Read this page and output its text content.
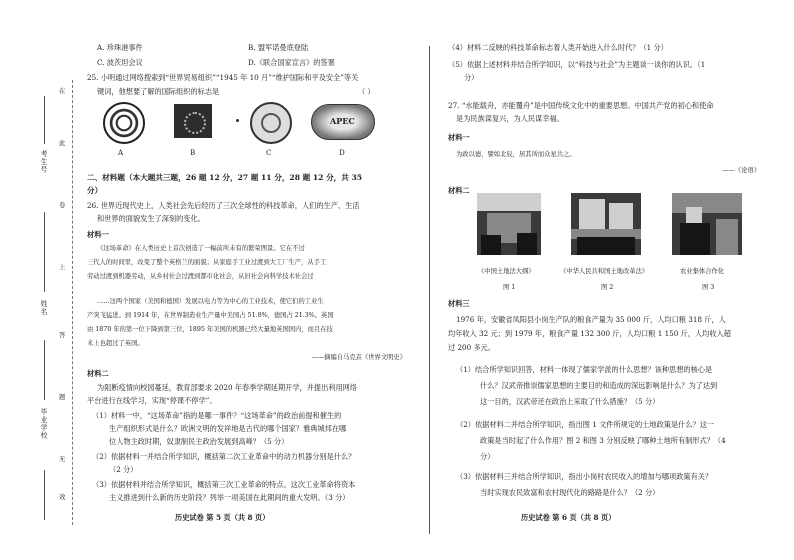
考生号
姓名
毕业学校
在
此
卷
上
答
题
无
效
A. 珍珠港事件	B. 盟军诺曼底登陆
C. 波茨坦会议	D.《联合国家宣言》的签署
25. 小明通过网络搜索到“世界贸易组织”“1945 年 10 月”“维护国际和平及安全”等关
键词，他想要了解的国际组织的标志是	（ ）
APEC
A	B	C	D
二、材料题（本大题共三题，26 题 12 分，27 题 11 分，28 题 12 分，共 35
分）
26. 世界近现代史上，人类社会先后经历了三次全球性的科技革命，人们的生产、生活
和世界的面貌发生了深刻的变化。
材料一
《这场革命》在人类历史上首次创造了一幅前所未有的繁荣图景。它在不过
三代人的时间里，改变了整个英格兰的面貌；从家庭手工业过渡到大工厂生产，从手工
劳动过渡到机器劳动，从乡村社会过渡到都市化社会，从旧社会向科学技术社会过
……这两个国家（美国和德国）发展以电力等为中心的工业技术，使它们的工业生
产突飞猛进。到 1914 年，在世界制造业生产量中美国占 51.8%，德国占 21.3%。英国
由 1870 年的第一位下降到第三位，1895 年美国的机器已经大量地英国国内，而且在技
术上也超过了英国。
——摘编自马克垚《世界文明史》
材料二
为阻断疫情向校园蔓延，教育部要求 2020 年春季学期延期开学，并提出利用网络
平台进行在线学习，实现“停课不停学”。
（1）材料一中，“这场革命”指的是哪一事件？“这场革命”的政治前提和催生的
生产组织形式是什么？欧洲文明的发祥地是古代的哪个国家？雅典城邦在哪
位人物主政时期，奴隶制民主政治发展到高峰？（5 分）
（2）依据材料一并结合所学知识，概括第二次工业革命中的动力机器分别是什么？
（2 分）
（3）依据材料并结合所学知识，概括第三次工业革命的特点。这次工业革命将资本
主义推进到什么新的历史阶段？列举一项美国在此期间的重大发明。（3 分）
历史试卷 第 5 页（共 8 页）
（4）材料二反映的科技革命标志着人类开始进入什么时代？（1 分）
（5）依据上述材料并结合所学知识，以“科技与社会”为主题谈一谈你的认识。（1
分）
27. “水能载舟，亦能覆舟”是中国传统文化中的重要思想。中国共产党的初心和使命
是为民族谋复兴，为人民谋幸福。
材料一
为政以德，譬如北辰，居其所而众星共之。
——《论语》
材料二
《中国土地法大纲》	《中华人民共和国土地改革法》	农业集体合作化
图 1	图 2	图 3
材料三
1976 年，安徽省凤阳县小岗生产队的粮食产量为 35 000 斤，人均口粮 318 斤，人
均年收入 32 元；到 1979 年，粮食产量 132 300 斤，人均口粮 1 150 斤，人均收入超
过 200 多元。
（1）结合所学知识回答，材料一体现了儒家学派的什么思想？该种思想的核心是
什么？汉武帝推崇儒家思想的主要目的和造成的深远影响是什么？为了达到
这一目的，汉武帝还在政治上采取了什么措施？（5 分）
（2）依据材料二并结合所学知识，指出图 1 文件所规定的土地政策是什么？这一
政策是当时起了什么作用？图 2 和图 3 分别反映了哪种土地所有制形式？（4
分）
（3）依据材料三并结合所学知识，指出小岗村农民收入的增加与哪项政策有关？
当时实现农民致富和农村现代化的路路是什么？（2 分）
历史试卷 第 6 页（共 8 页）
